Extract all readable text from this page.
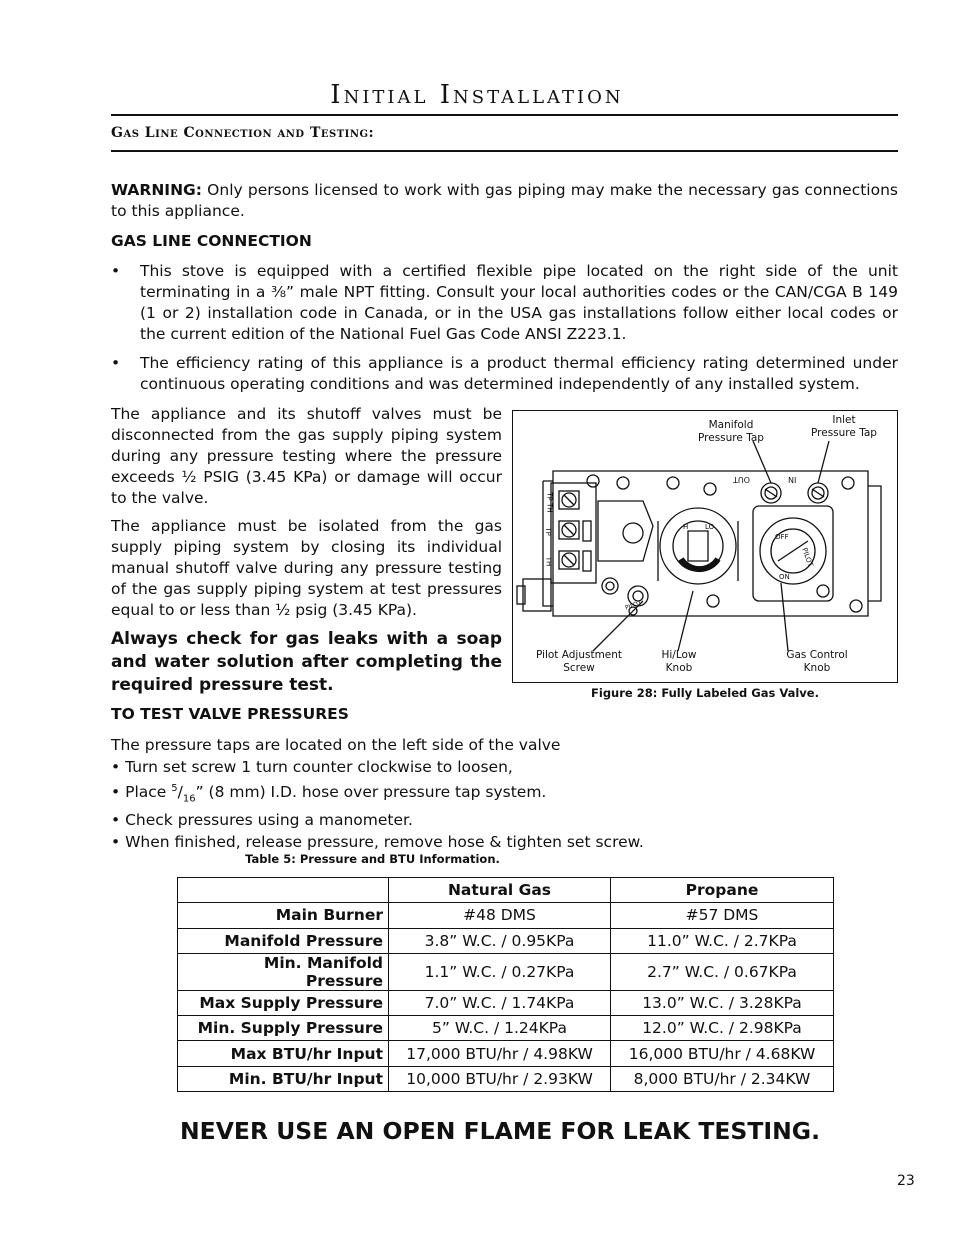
Initial Installation
Gas Line Connection and Testing:
WARNING: Only persons licensed to work with gas piping may make the necessary gas connections to this appliance.
GAS LINE CONNECTION
•	This stove is equipped with a certified flexible pipe located on the right side of the unit terminating in a ⅜” male NPT fitting. Consult your local authorities codes or the CAN/CGA B 149 (1 or 2) installation code in Canada, or in the USA gas installations follow either local codes or the current edition of the National Fuel Gas Code ANSI Z223.1.
•	The efficiency rating of this appliance is a product thermal efficiency rating determined under continuous operating conditions and was determined independently of any installed system.
The appliance and its shutoff valves must be disconnected from the gas supply piping system during any pressure testing where the pressure exceeds ½ PSIG (3.45 KPa) or damage will occur to the valve.
The appliance must be isolated from the gas supply piping system by closing its individual manual shutoff valve during any pressure testing of the gas supply piping system at test pressures equal to or less than ½ psig (3.45 KPa).
Always check for gas leaks with a soap and water solution after completing the required pressure test.
Manifold Pressure Tap
Inlet Pressure Tap
Pilot Adjustment Screw
Hi/Low Knob
Gas Control Knob
OUT	IN
TP TH
TP
TH
OFF
PILOT
ON
PILOT
H LO
Figure 28: Fully Labeled Gas Valve.
TO TEST VALVE PRESSURES
The pressure taps are located on the left side of the valve
• Turn set screw 1 turn counter clockwise to loosen,
• Place $^5/_{16}$” (8 mm) I.D. hose over pressure tap system.
• Check pressures using a manometer.
• When finished, release pressure, remove hose & tighten set screw.
Table 5: Pressure and BTU Information.
	Natural Gas	Propane
Main Burner	#48 DMS	#57 DMS
Manifold Pressure	3.8” W.C. / 0.95KPa	11.0” W.C. / 2.7KPa
Min. Manifold Pressure	1.1” W.C. / 0.27KPa	2.7” W.C. / 0.67KPa
Max Supply Pressure	7.0” W.C. / 1.74KPa	13.0” W.C. / 3.28KPa
Min. Supply Pressure	5” W.C. / 1.24KPa	12.0” W.C. / 2.98KPa
Max BTU/hr Input	17,000 BTU/hr / 4.98KW	16,000 BTU/hr / 4.68KW
Min. BTU/hr Input	10,000 BTU/hr / 2.93KW	8,000 BTU/hr / 2.34KW
NEVER USE AN OPEN FLAME FOR LEAK TESTING.
23
